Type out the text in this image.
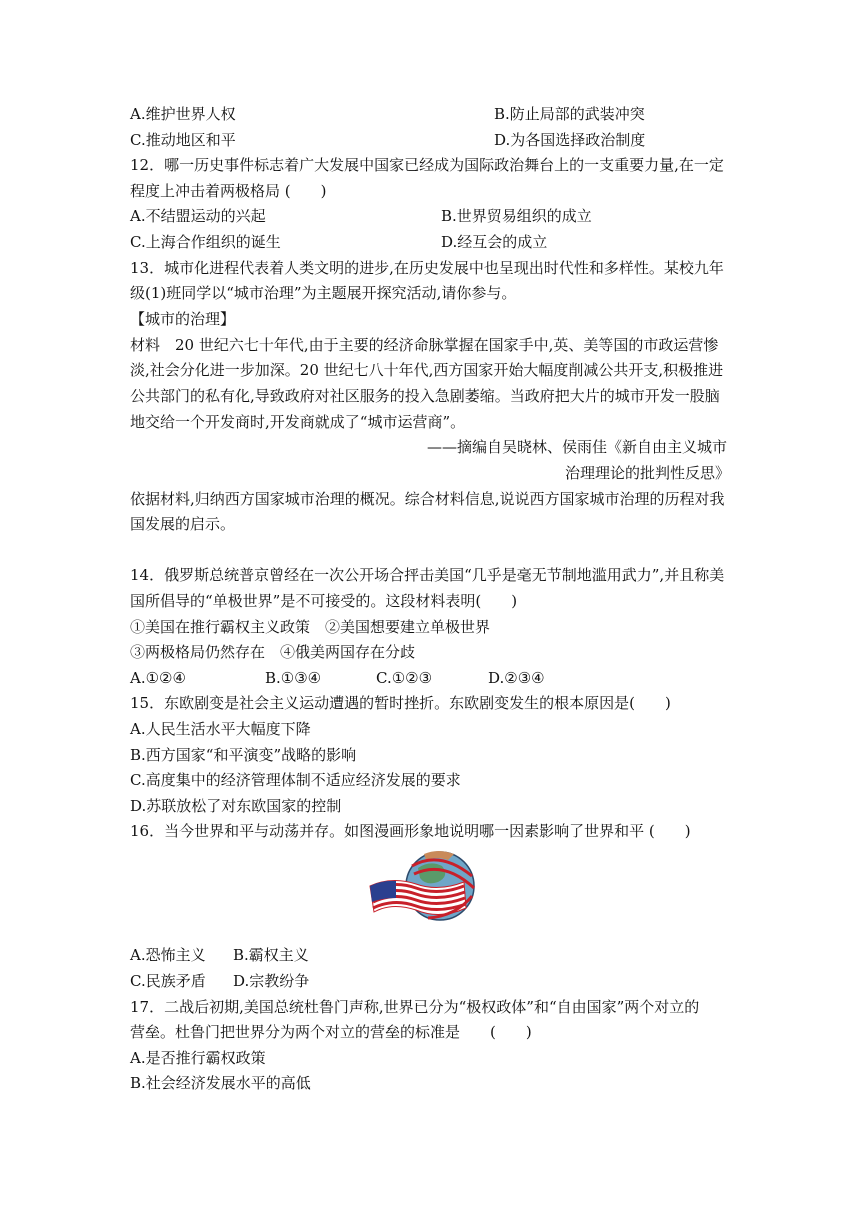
A.维护世界人权	B.防止局部的武装冲突
C.推动地区和平	D.为各国选择政治制度
12．哪一历史事件标志着广大发展中国家已经成为国际政治舞台上的一支重要力量,在一定
程度上冲击着两极格局 (　　)
A.不结盟运动的兴起	B.世界贸易组织的成立
C.上海合作组织的诞生	D.经互会的成立
13．城市化进程代表着人类文明的进步,在历史发展中也呈现出时代性和多样性。某校九年
级(1)班同学以“城市治理”为主题展开探究活动,请你参与。
【城市的治理】
材料　20 世纪六七十年代,由于主要的经济命脉掌握在国家手中,英、美等国的市政运营惨
淡,社会分化进一步加深。20 世纪七八十年代,西方国家开始大幅度削减公共开支,积极推进
公共部门的私有化,导致政府对社区服务的投入急剧萎缩。当政府把大片的城市开发一股脑
地交给一个开发商时,开发商就成了“城市运营商”。
——摘编自吴晓林、侯雨佳《新自由主义城市
治理理论的批判性反思》
依据材料,归纳西方国家城市治理的概况。综合材料信息,说说西方国家城市治理的历程对我
国发展的启示。
14．俄罗斯总统普京曾经在一次公开场合抨击美国“几乎是毫无节制地滥用武力”,并且称美
国所倡导的“单极世界”是不可接受的。这段材料表明(　　)
①美国在推行霸权主义政策　②美国想要建立单极世界
③两极格局仍然存在　④俄美两国存在分歧
A.①②④	B.①③④	C.①②③	D.②③④
15．东欧剧变是社会主义运动遭遇的暂时挫折。东欧剧变发生的根本原因是(　　)
A.人民生活水平大幅度下降
B.西方国家“和平演变”战略的影响
C.高度集中的经济管理体制不适应经济发展的要求
D.苏联放松了对东欧国家的控制
16．当今世界和平与动荡并存。如图漫画形象地说明哪一因素影响了世界和平 (　　)
A.恐怖主义 B.霸权主义
C.民族矛盾 D.宗教纷争
17．二战后初期,美国总统杜鲁门声称,世界已分为“极权政体”和“自由国家”两个对立的
营垒。杜鲁门把世界分为两个对立的营垒的标准是　　(　　)
A.是否推行霸权政策
B.社会经济发展水平的高低
